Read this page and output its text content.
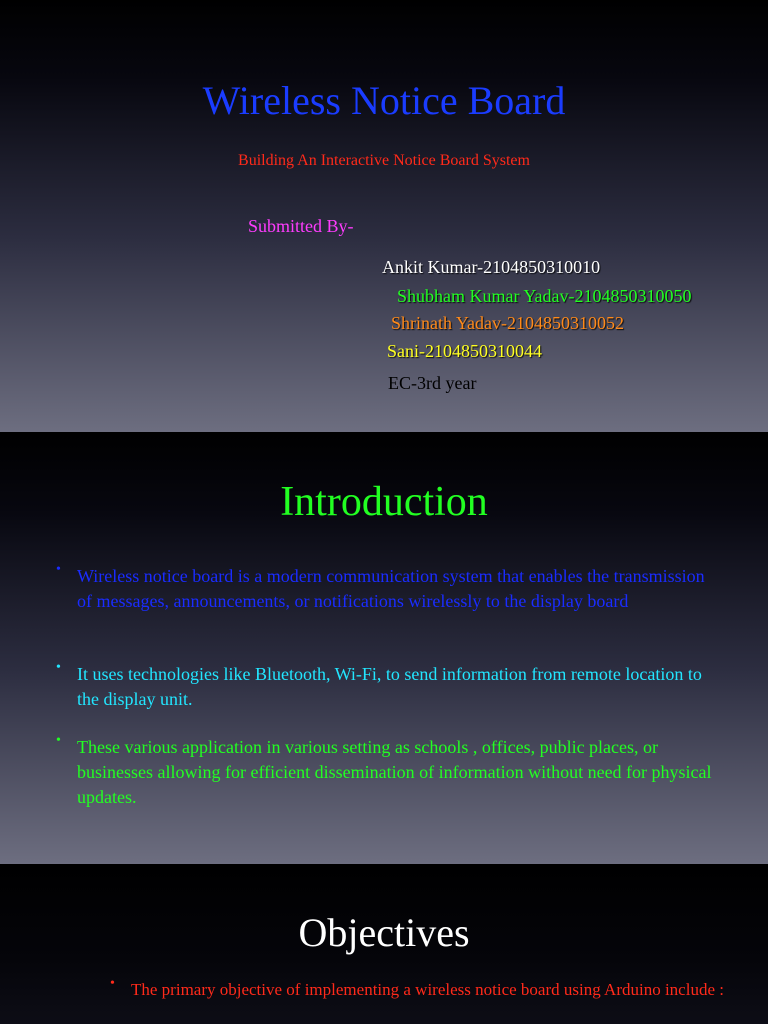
Wireless Notice Board
Building An Interactive Notice Board System
Submitted By-
Ankit Kumar-2104850310010
Shubham Kumar Yadav-2104850310050
Shrinath Yadav-2104850310052
Sani-2104850310044
EC-3rd year
Introduction
• Wireless notice board is a modern communication system that enables the transmission of messages, announcements, or notifications wirelessly to the display board
• It uses technologies like Bluetooth, Wi-Fi, to send information from remote location to the display unit.
• These various application in various setting as schools , offices, public places, or businesses allowing for efficient dissemination of information without need for physical updates.
Objectives
• The primary objective of implementing a wireless notice board using Arduino include :
